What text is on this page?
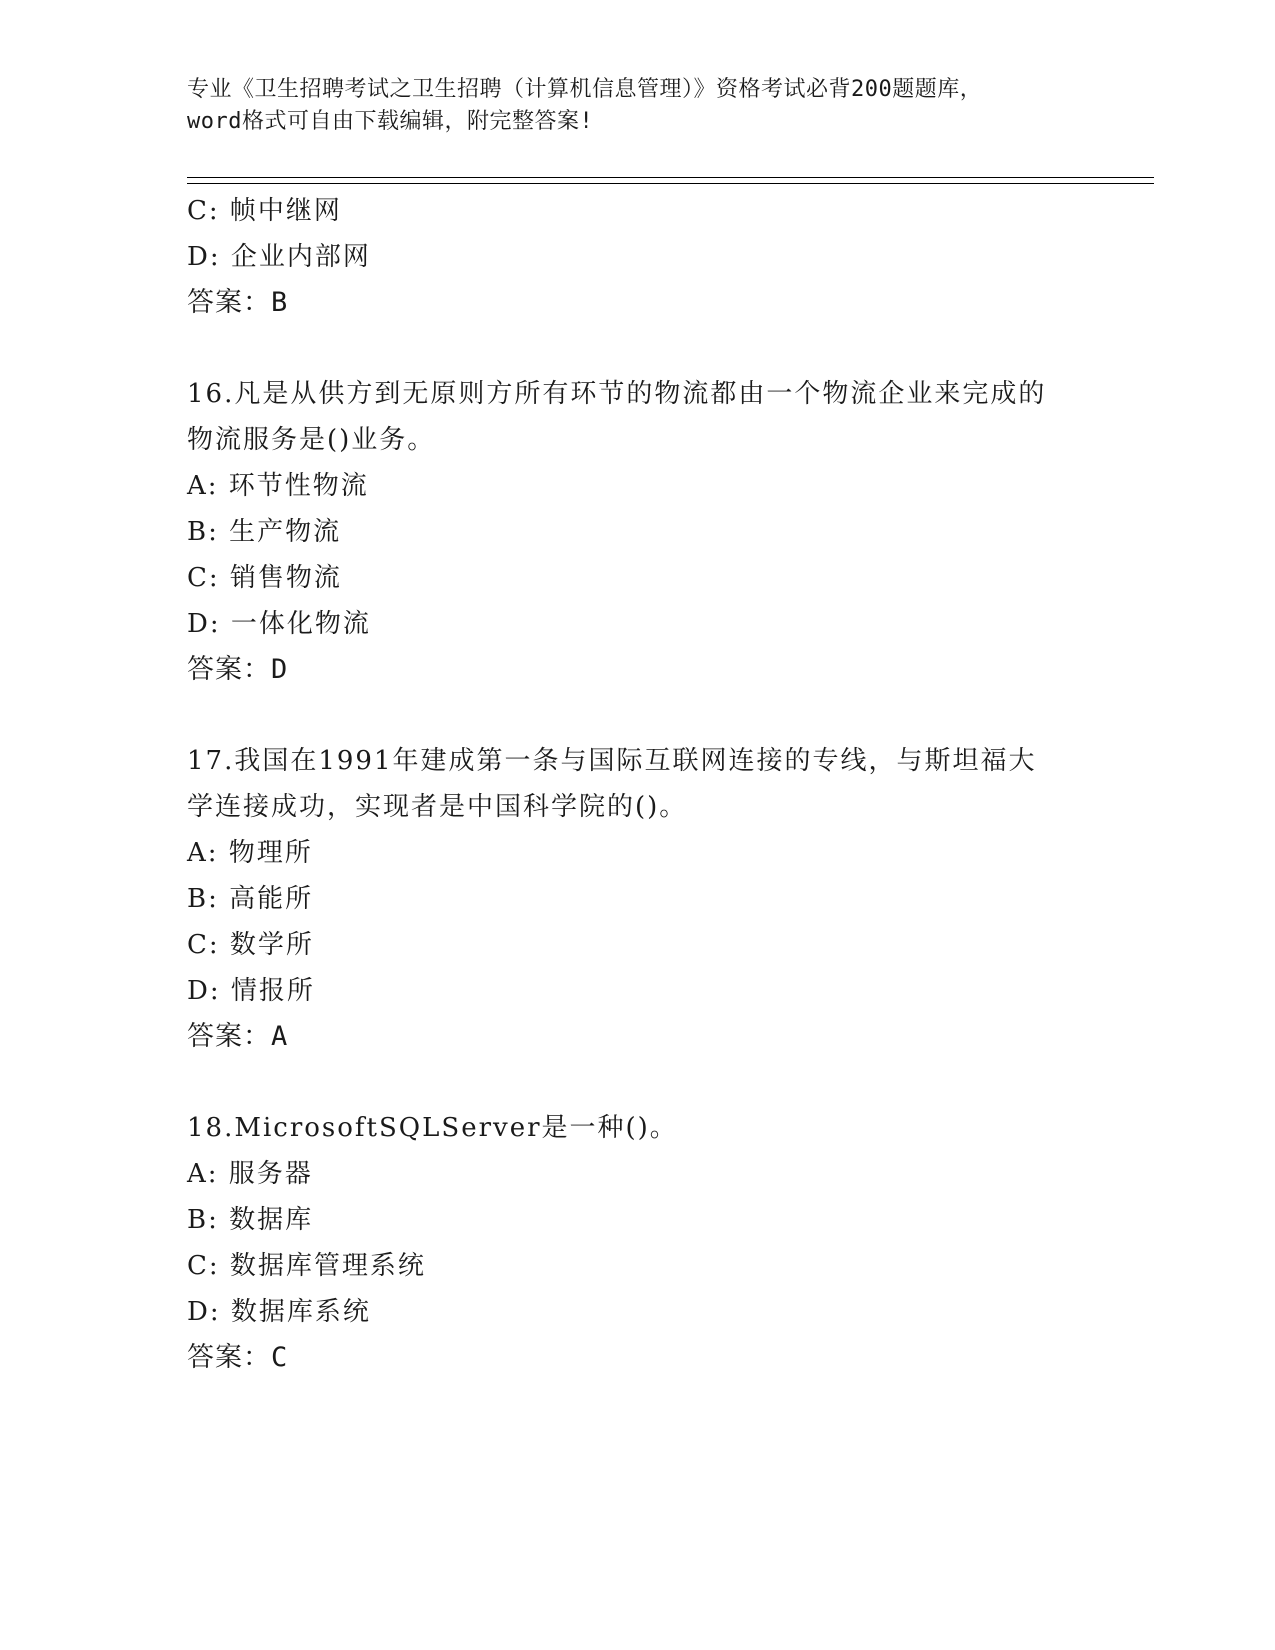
专业《卫生招聘考试之卫生招聘（计算机信息管理）》资格考试必背200题题库，
word格式可自由下载编辑，附完整答案!
C: 帧中继网
D: 企业内部网
答案：B
16.凡是从供方到无原则方所有环节的物流都由一个物流企业来完成的
物流服务是()业务。
A: 环节性物流
B: 生产物流
C: 销售物流
D: 一体化物流
答案：D
17.我国在1991年建成第一条与国际互联网连接的专线，与斯坦福大
学连接成功，实现者是中国科学院的()。
A: 物理所
B: 高能所
C: 数学所
D: 情报所
答案：A
18.MicrosoftSQLServer是一种()。
A: 服务器
B: 数据库
C: 数据库管理系统
D: 数据库系统
答案：C
